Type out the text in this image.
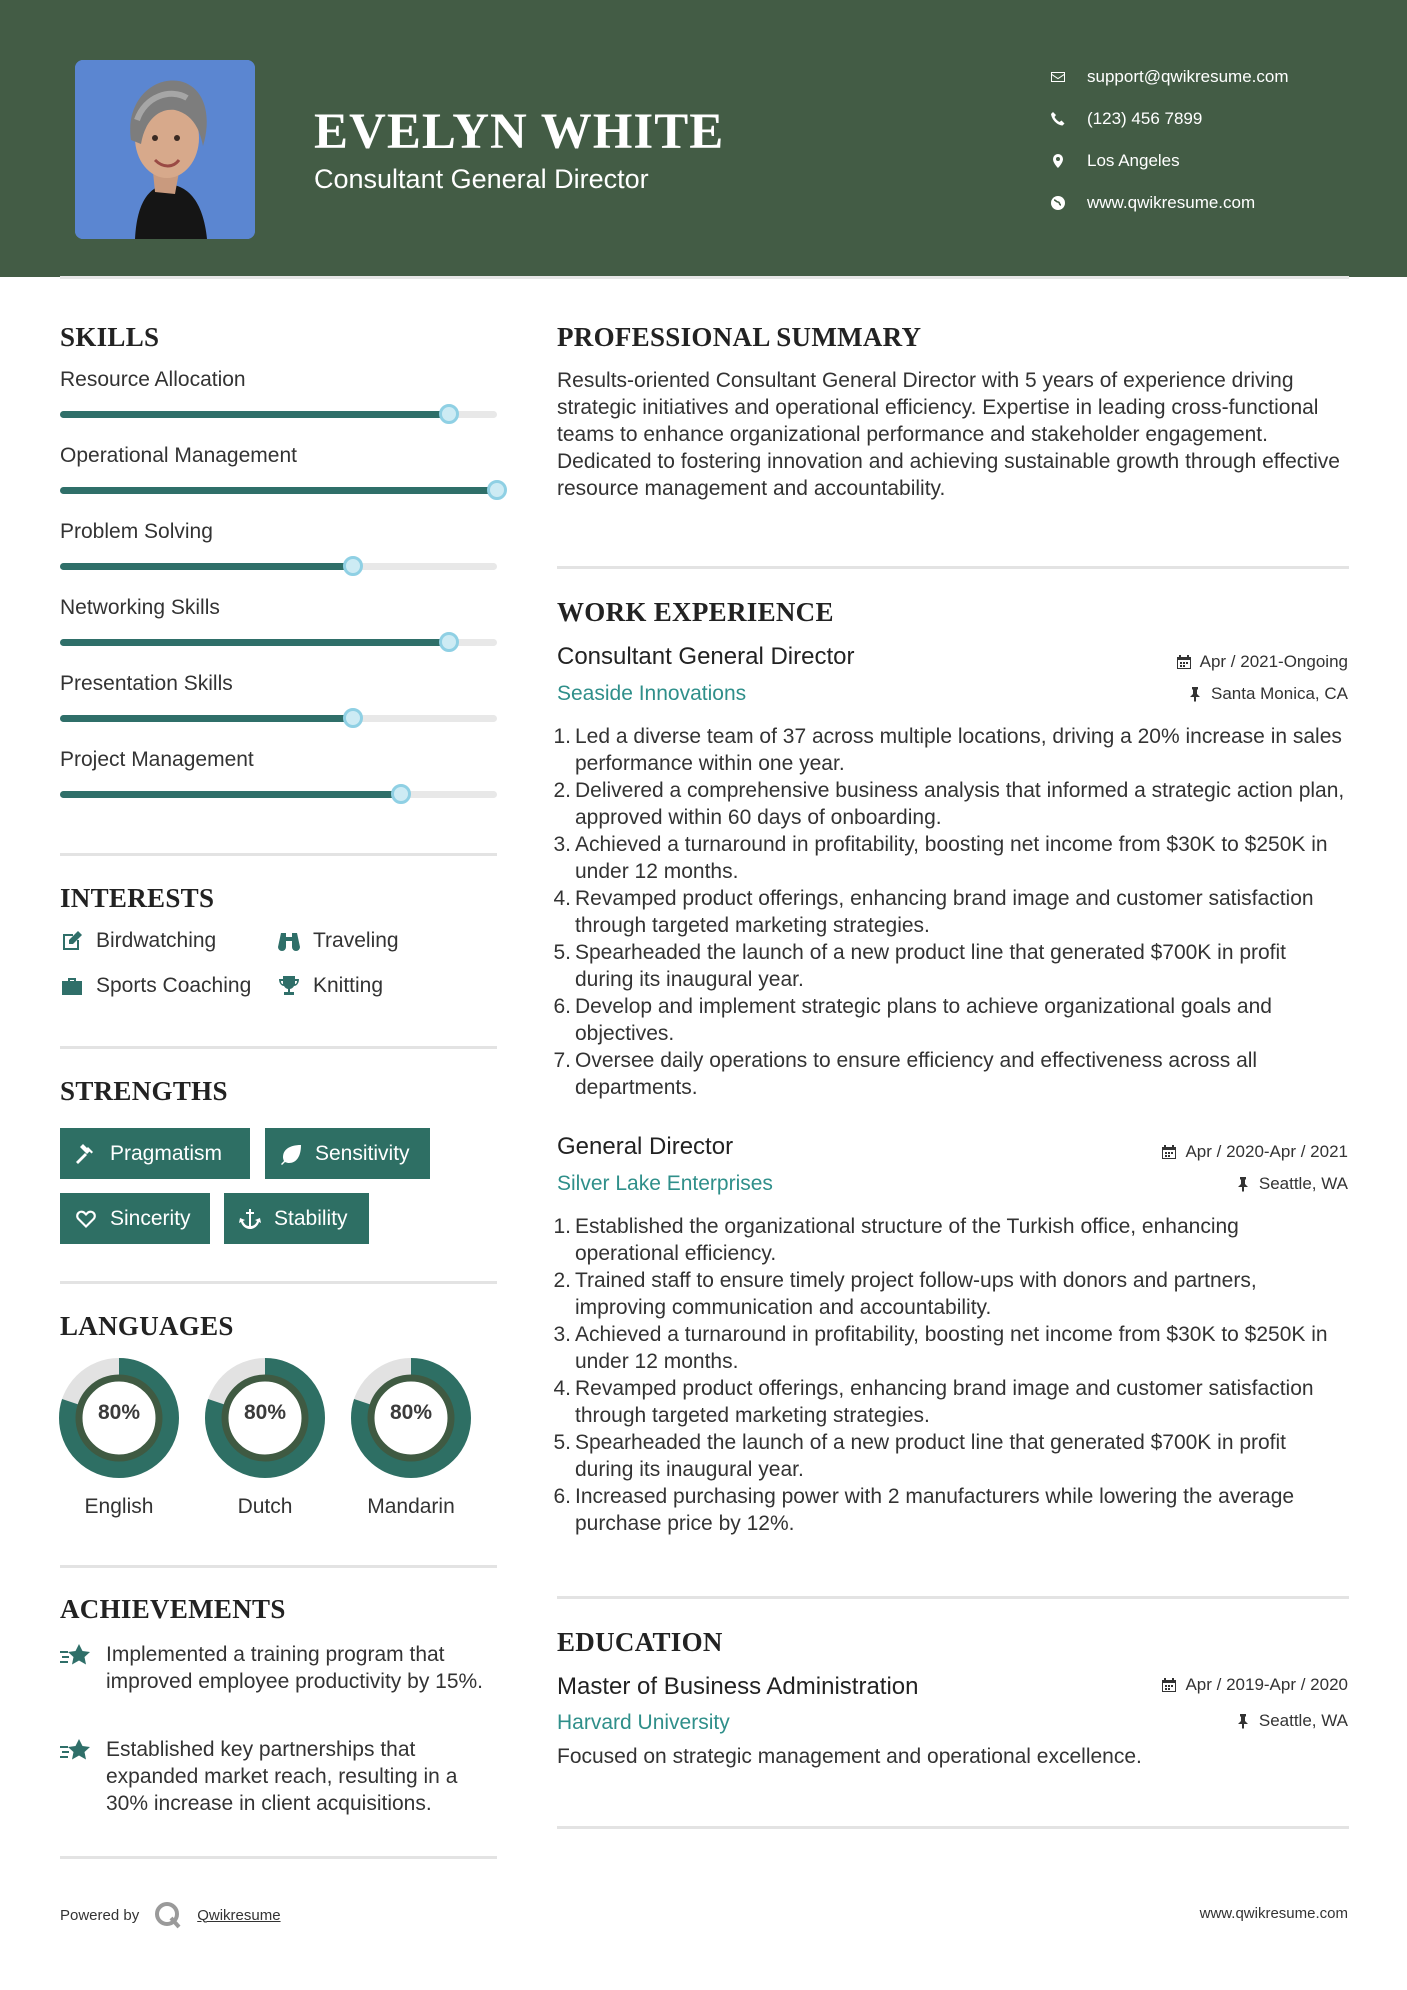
EVELYN WHITE
Consultant General Director
support@qwikresume.com
(123) 456 7899
Los Angeles
www.qwikresume.com
SKILLS
Resource Allocation
Operational Management
Problem Solving
Networking Skills
Presentation Skills
Project Management
INTERESTS
Birdwatching	Traveling
Sports Coaching	Knitting
STRENGTHS
Pragmatism	Sensitivity
Sincerity	Stability
LANGUAGES
80%
English
80%
Dutch
80%
Mandarin
ACHIEVEMENTS
Implemented a training program that improved employee productivity by 15%.
Established key partnerships that expanded market reach, resulting in a 30% increase in client acquisitions.
PROFESSIONAL SUMMARY
Results-oriented Consultant General Director with 5 years of experience driving strategic initiatives and operational efficiency. Expertise in leading cross-functional teams to enhance organizational performance and stakeholder engagement. Dedicated to fostering innovation and achieving sustainable growth through effective resource management and accountability.
WORK EXPERIENCE
Consultant General Director	Apr / 2021-Ongoing
Seaside Innovations	Santa Monica, CA
1. Led a diverse team of 37 across multiple locations, driving a 20% increase in sales performance within one year.
2. Delivered a comprehensive business analysis that informed a strategic action plan, approved within 60 days of onboarding.
3. Achieved a turnaround in profitability, boosting net income from $30K to $250K in under 12 months.
4. Revamped product offerings, enhancing brand image and customer satisfaction through targeted marketing strategies.
5. Spearheaded the launch of a new product line that generated $700K in profit during its inaugural year.
6. Develop and implement strategic plans to achieve organizational goals and objectives.
7. Oversee daily operations to ensure efficiency and effectiveness across all departments.
General Director	Apr / 2020-Apr / 2021
Silver Lake Enterprises	Seattle, WA
1. Established the organizational structure of the Turkish office, enhancing operational efficiency.
2. Trained staff to ensure timely project follow-ups with donors and partners, improving communication and accountability.
3. Achieved a turnaround in profitability, boosting net income from $30K to $250K in under 12 months.
4. Revamped product offerings, enhancing brand image and customer satisfaction through targeted marketing strategies.
5. Spearheaded the launch of a new product line that generated $700K in profit during its inaugural year.
6. Increased purchasing power with 2 manufacturers while lowering the average purchase price by 12%.
EDUCATION
Master of Business Administration	Apr / 2019-Apr / 2020
Harvard University	Seattle, WA
Focused on strategic management and operational excellence.
Powered by	Qwikresume	www.qwikresume.com
